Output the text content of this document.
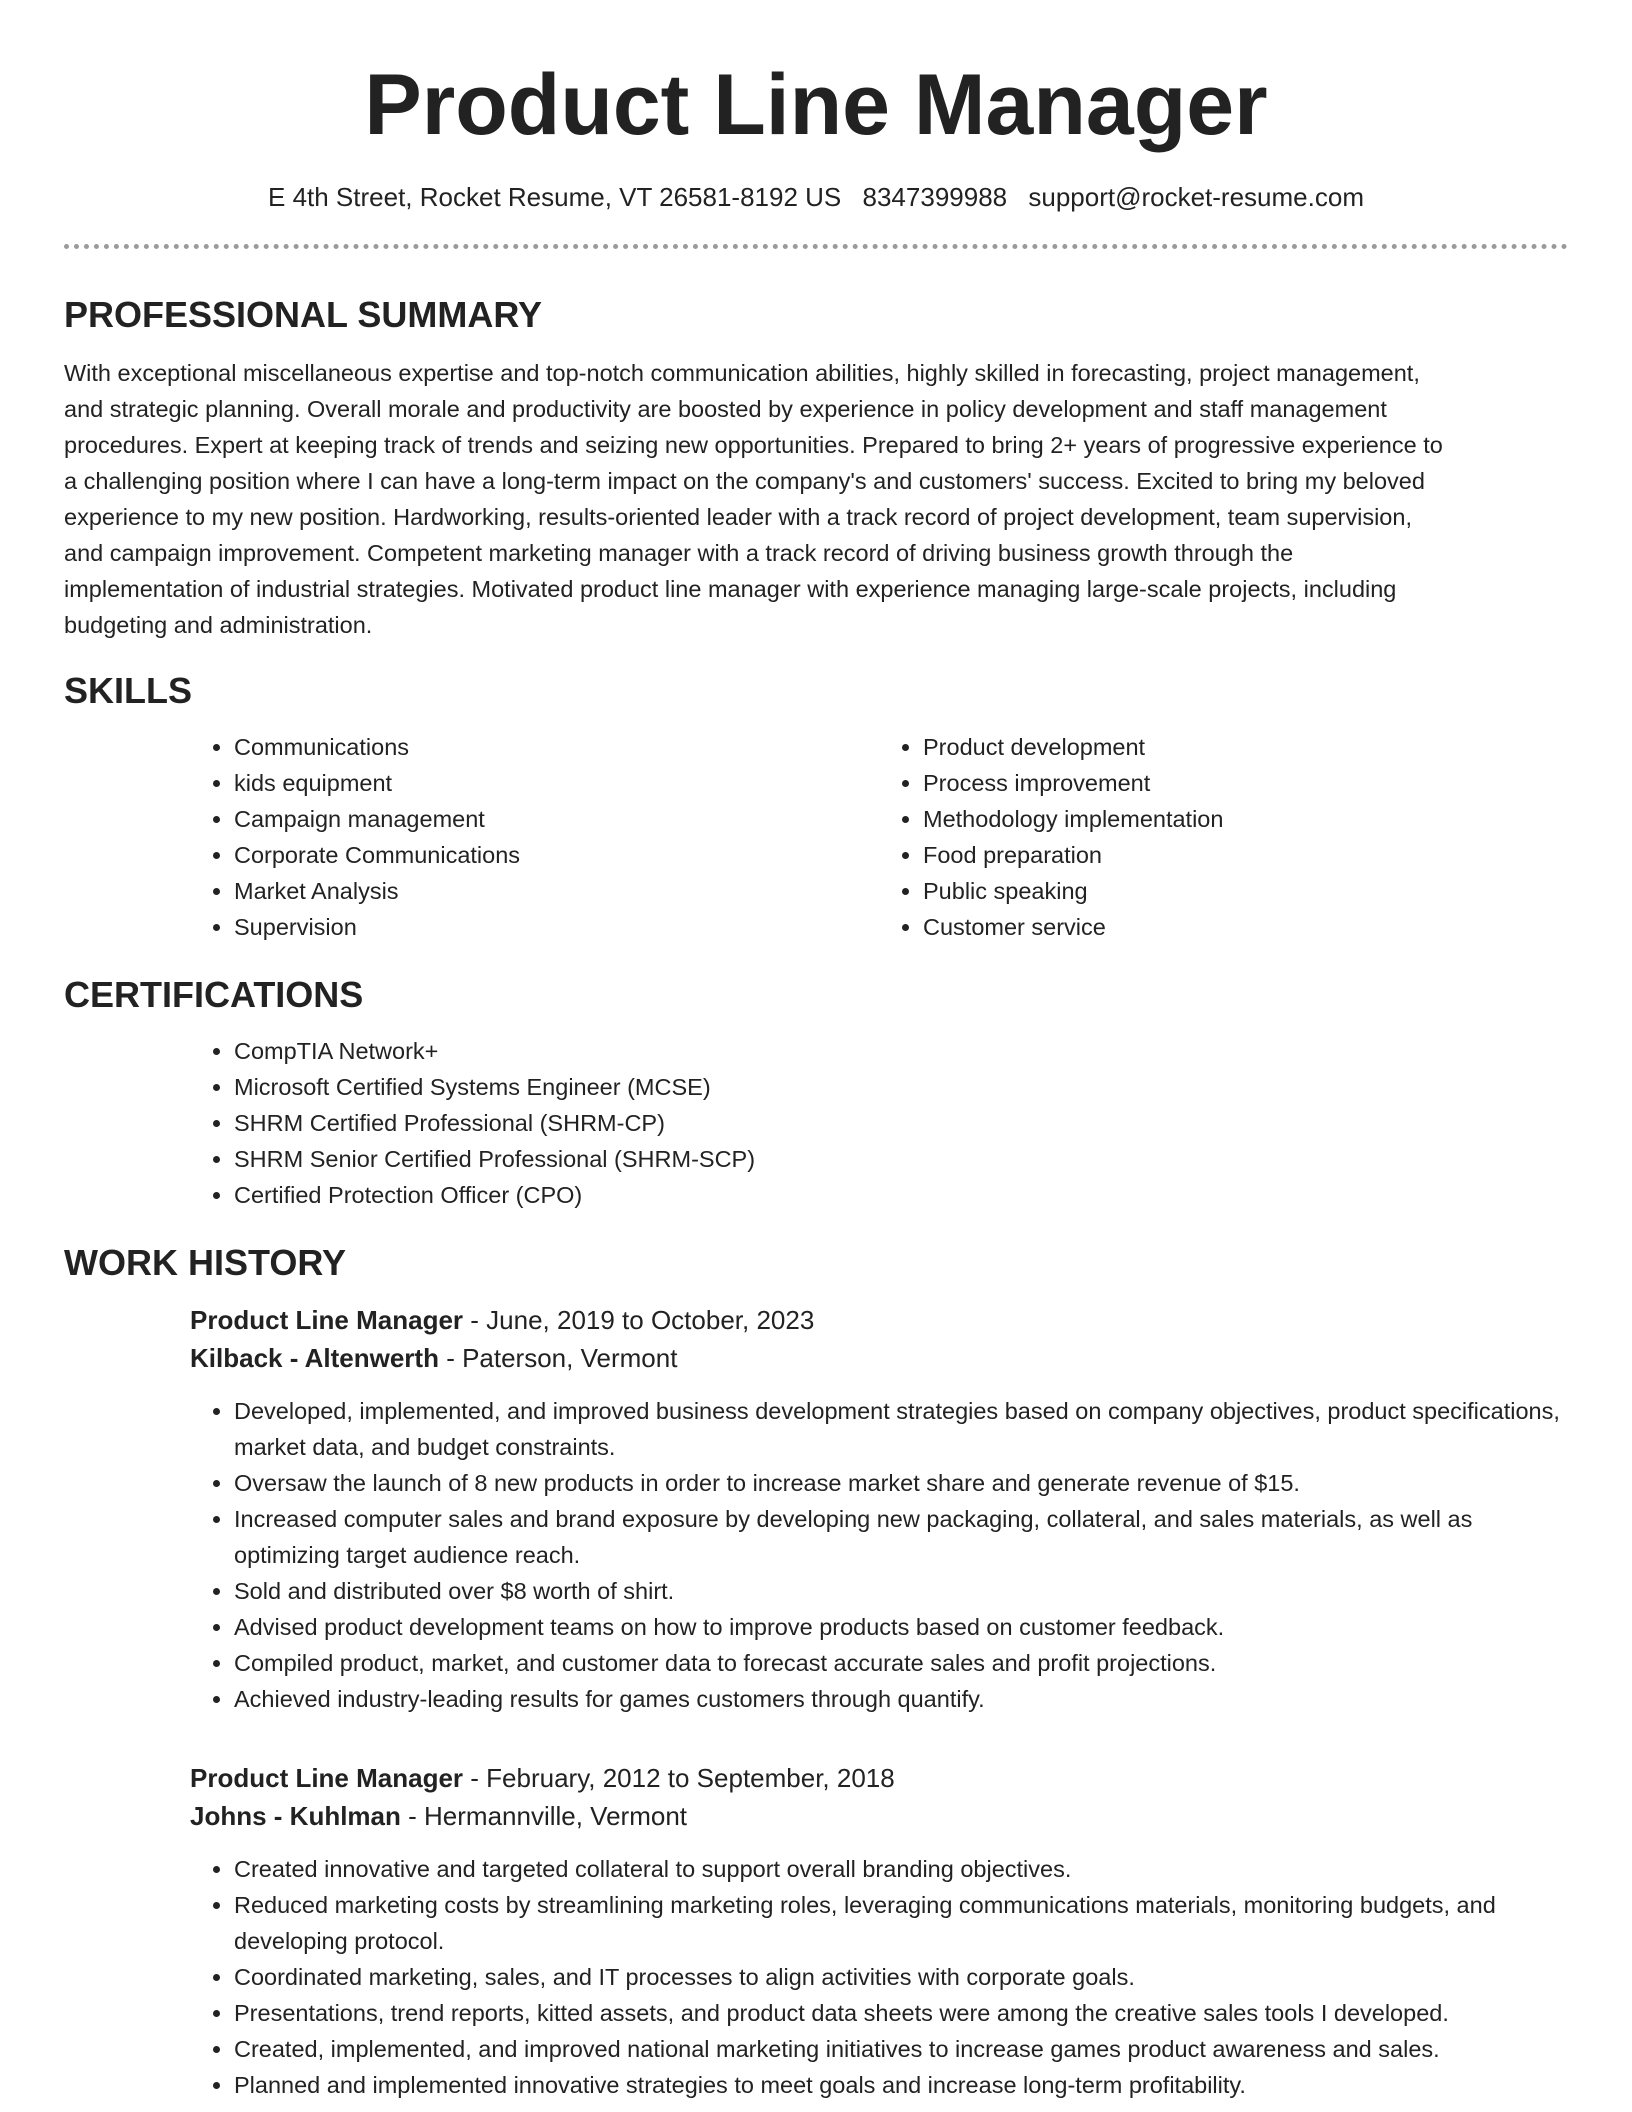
Product Line Manager
E 4th Street, Rocket Resume, VT 26581-8192 US 8347399988 support@rocket-resume.com
PROFESSIONAL SUMMARY

With exceptional miscellaneous expertise and top-notch communication abilities, highly skilled in forecasting, project management, and strategic planning. Overall morale and productivity are boosted by experience in policy development and staff management procedures. Expert at keeping track of trends and seizing new opportunities. Prepared to bring 2+ years of progressive experience to a challenging position where I can have a long-term impact on the company's and customers' success. Excited to bring my beloved experience to my new position. Hardworking, results-oriented leader with a track record of project development, team supervision, and campaign improvement. Competent marketing manager with a track record of driving business growth through the implementation of industrial strategies. Motivated product line manager with experience managing large-scale projects, including budgeting and administration.

SKILLS
• Communications
• kids equipment
• Campaign management
• Corporate Communications
• Market Analysis
• Supervision
• Product development
• Process improvement
• Methodology implementation
• Food preparation
• Public speaking
• Customer service
CERTIFICATIONS
• CompTIA Network+
• Microsoft Certified Systems Engineer (MCSE)
• SHRM Certified Professional (SHRM-CP)
• SHRM Senior Certified Professional (SHRM-SCP)
• Certified Protection Officer (CPO)
WORK HISTORY
Product Line Manager - June, 2019 to October, 2023
Kilback - Altenwerth - Paterson, Vermont
• Developed, implemented, and improved business development strategies based on company objectives, product specifications, market data, and budget constraints.
• Oversaw the launch of 8 new products in order to increase market share and generate revenue of $15.
• Increased computer sales and brand exposure by developing new packaging, collateral, and sales materials, as well as optimizing target audience reach.
• Sold and distributed over $8 worth of shirt.
• Advised product development teams on how to improve products based on customer feedback.
• Compiled product, market, and customer data to forecast accurate sales and profit projections.
• Achieved industry-leading results for games customers through quantify.
Product Line Manager - February, 2012 to September, 2018
Johns - Kuhlman - Hermannville, Vermont
• Created innovative and targeted collateral to support overall branding objectives.
• Reduced marketing costs by streamlining marketing roles, leveraging communications materials, monitoring budgets, and developing protocol.
• Coordinated marketing, sales, and IT processes to align activities with corporate goals.
• Presentations, trend reports, kitted assets, and product data sheets were among the creative sales tools I developed.
• Created, implemented, and improved national marketing initiatives to increase games product awareness and sales.
• Planned and implemented innovative strategies to meet goals and increase long-term profitability.
